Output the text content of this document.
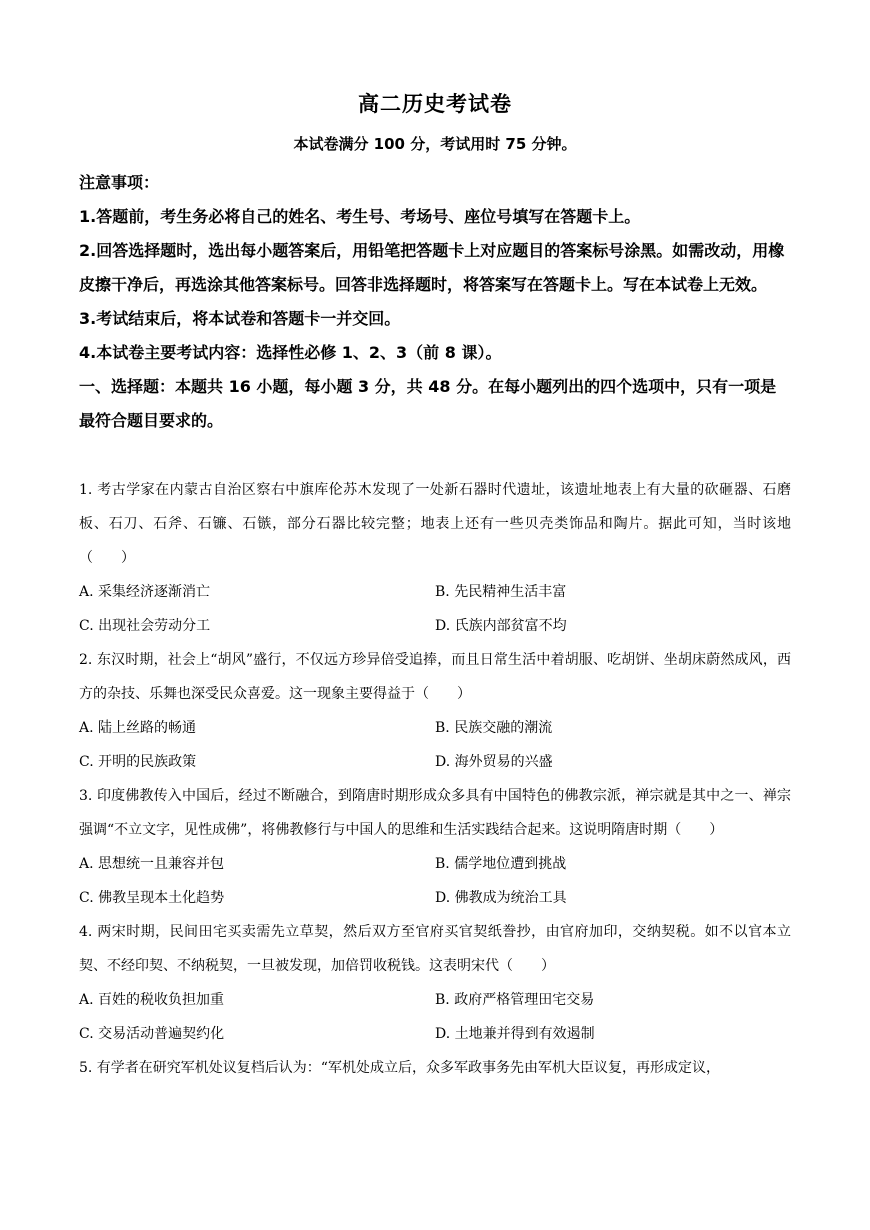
高二历史考试卷
本试卷满分 100 分，考试用时 75 分钟。
注意事项：
1.答题前，考生务必将自己的姓名、考生号、考场号、座位号填写在答题卡上。
2.回答选择题时，选出每小题答案后，用铅笔把答题卡上对应题目的答案标号涂黑。如需改动，用橡皮擦干净后，再选涂其他答案标号。回答非选择题时，将答案写在答题卡上。写在本试卷上无效。
3.考试结束后，将本试卷和答题卡一并交回。
4.本试卷主要考试内容：选择性必修 1、2、3（前 8 课）。
一、选择题：本题共 16 小题，每小题 3 分，共 48 分。在每小题列出的四个选项中，只有一项是最符合题目要求的。
1. 考古学家在内蒙古自治区察右中旗库伦苏木发现了一处新石器时代遗址，该遗址地表上有大量的砍砸器、石磨板、石刀、石斧、石镰、石镞，部分石器比较完整；地表上还有一些贝壳类饰品和陶片。据此可知，当时该地（　　）
A. 采集经济逐渐消亡	B. 先民精神生活丰富
C. 出现社会劳动分工	D. 氏族内部贫富不均
2. 东汉时期，社会上“胡风”盛行，不仅远方珍异倍受追捧，而且日常生活中着胡服、吃胡饼、坐胡床蔚然成风，西方的杂技、乐舞也深受民众喜爱。这一现象主要得益于（　　）
A. 陆上丝路的畅通	B. 民族交融的潮流
C. 开明的民族政策	D. 海外贸易的兴盛
3. 印度佛教传入中国后，经过不断融合，到隋唐时期形成众多具有中国特色的佛教宗派，禅宗就是其中之一、禅宗强调“不立文字，见性成佛”，将佛教修行与中国人的思维和生活实践结合起来。这说明隋唐时期（　　）
A. 思想统一且兼容并包	B. 儒学地位遭到挑战
C. 佛教呈现本土化趋势	D. 佛教成为统治工具
4. 两宋时期，民间田宅买卖需先立草契，然后双方至官府买官契纸誊抄，由官府加印，交纳契税。如不以官本立契、不经印契、不纳税契，一旦被发现，加倍罚收税钱。这表明宋代（　　）
A. 百姓的税收负担加重	B. 政府严格管理田宅交易
C. 交易活动普遍契约化	D. 土地兼并得到有效遏制
5. 有学者在研究军机处议复档后认为：“军机处成立后，众多军政事务先由军机大臣议复，再形成定议，
